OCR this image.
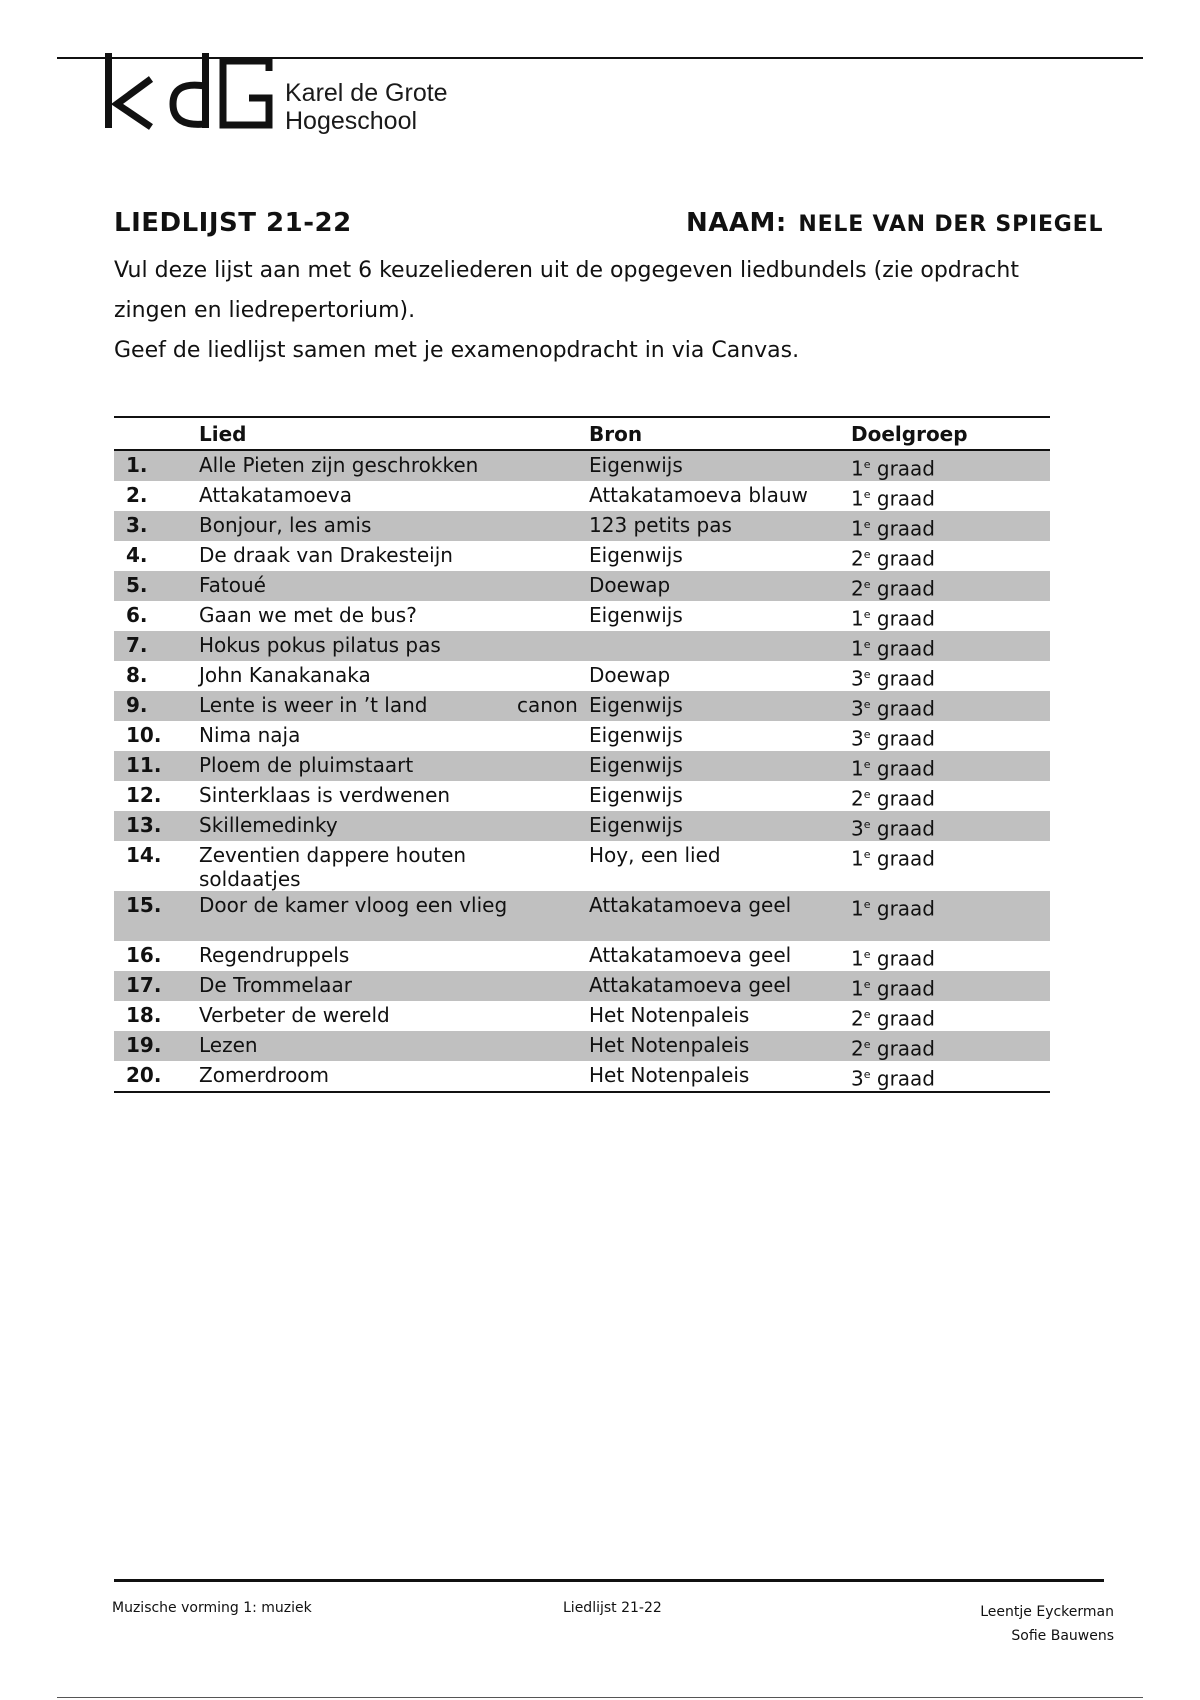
Karel de Grote
Hogeschool
LIEDLIJST 21-22	NAAM: NELE VAN DER SPIEGEL

Vul deze lijst aan met 6 keuzeliederen uit de opgegeven liedbundels (zie opdracht

zingen en liedrepertorium).

Geef de liedlijst samen met je examenopdracht in via Canvas.

	Lied		Bron	Doelgroep
1.	Alle Pieten zijn geschrokken		Eigenwijs	1e graad
2.	Attakatamoeva		Attakatamoeva blauw	1e graad
3.	Bonjour, les amis		123 petits pas	1e graad
4.	De draak van Drakesteijn		Eigenwijs	2e graad
5.	Fatoué		Doewap	2e graad
6.	Gaan we met de bus?		Eigenwijs	1e graad
7.	Hokus pokus pilatus pas			1e graad
8.	John Kanakanaka		Doewap	3e graad
9.	Lente is weer in ’t land	canon	Eigenwijs	3e graad
10.	Nima naja		Eigenwijs	3e graad
11.	Ploem de pluimstaart		Eigenwijs	1e graad
12.	Sinterklaas is verdwenen		Eigenwijs	2e graad
13.	Skillemedinky		Eigenwijs	3e graad
14.	Zeventien dappere houten soldaatjes		Hoy, een lied	1e graad
15.	Door de kamer vloog een vlieg		Attakatamoeva geel	1e graad
16.	Regendruppels		Attakatamoeva geel	1e graad
17.	De Trommelaar		Attakatamoeva geel	1e graad
18.	Verbeter de wereld		Het Notenpaleis	2e graad
19.	Lezen		Het Notenpaleis	2e graad
20.	Zomerdroom		Het Notenpaleis	3e graad
Muzische vorming 1: muziek	Liedlijst 21-22	Leentje Eyckerman
Sofie Bauwens
